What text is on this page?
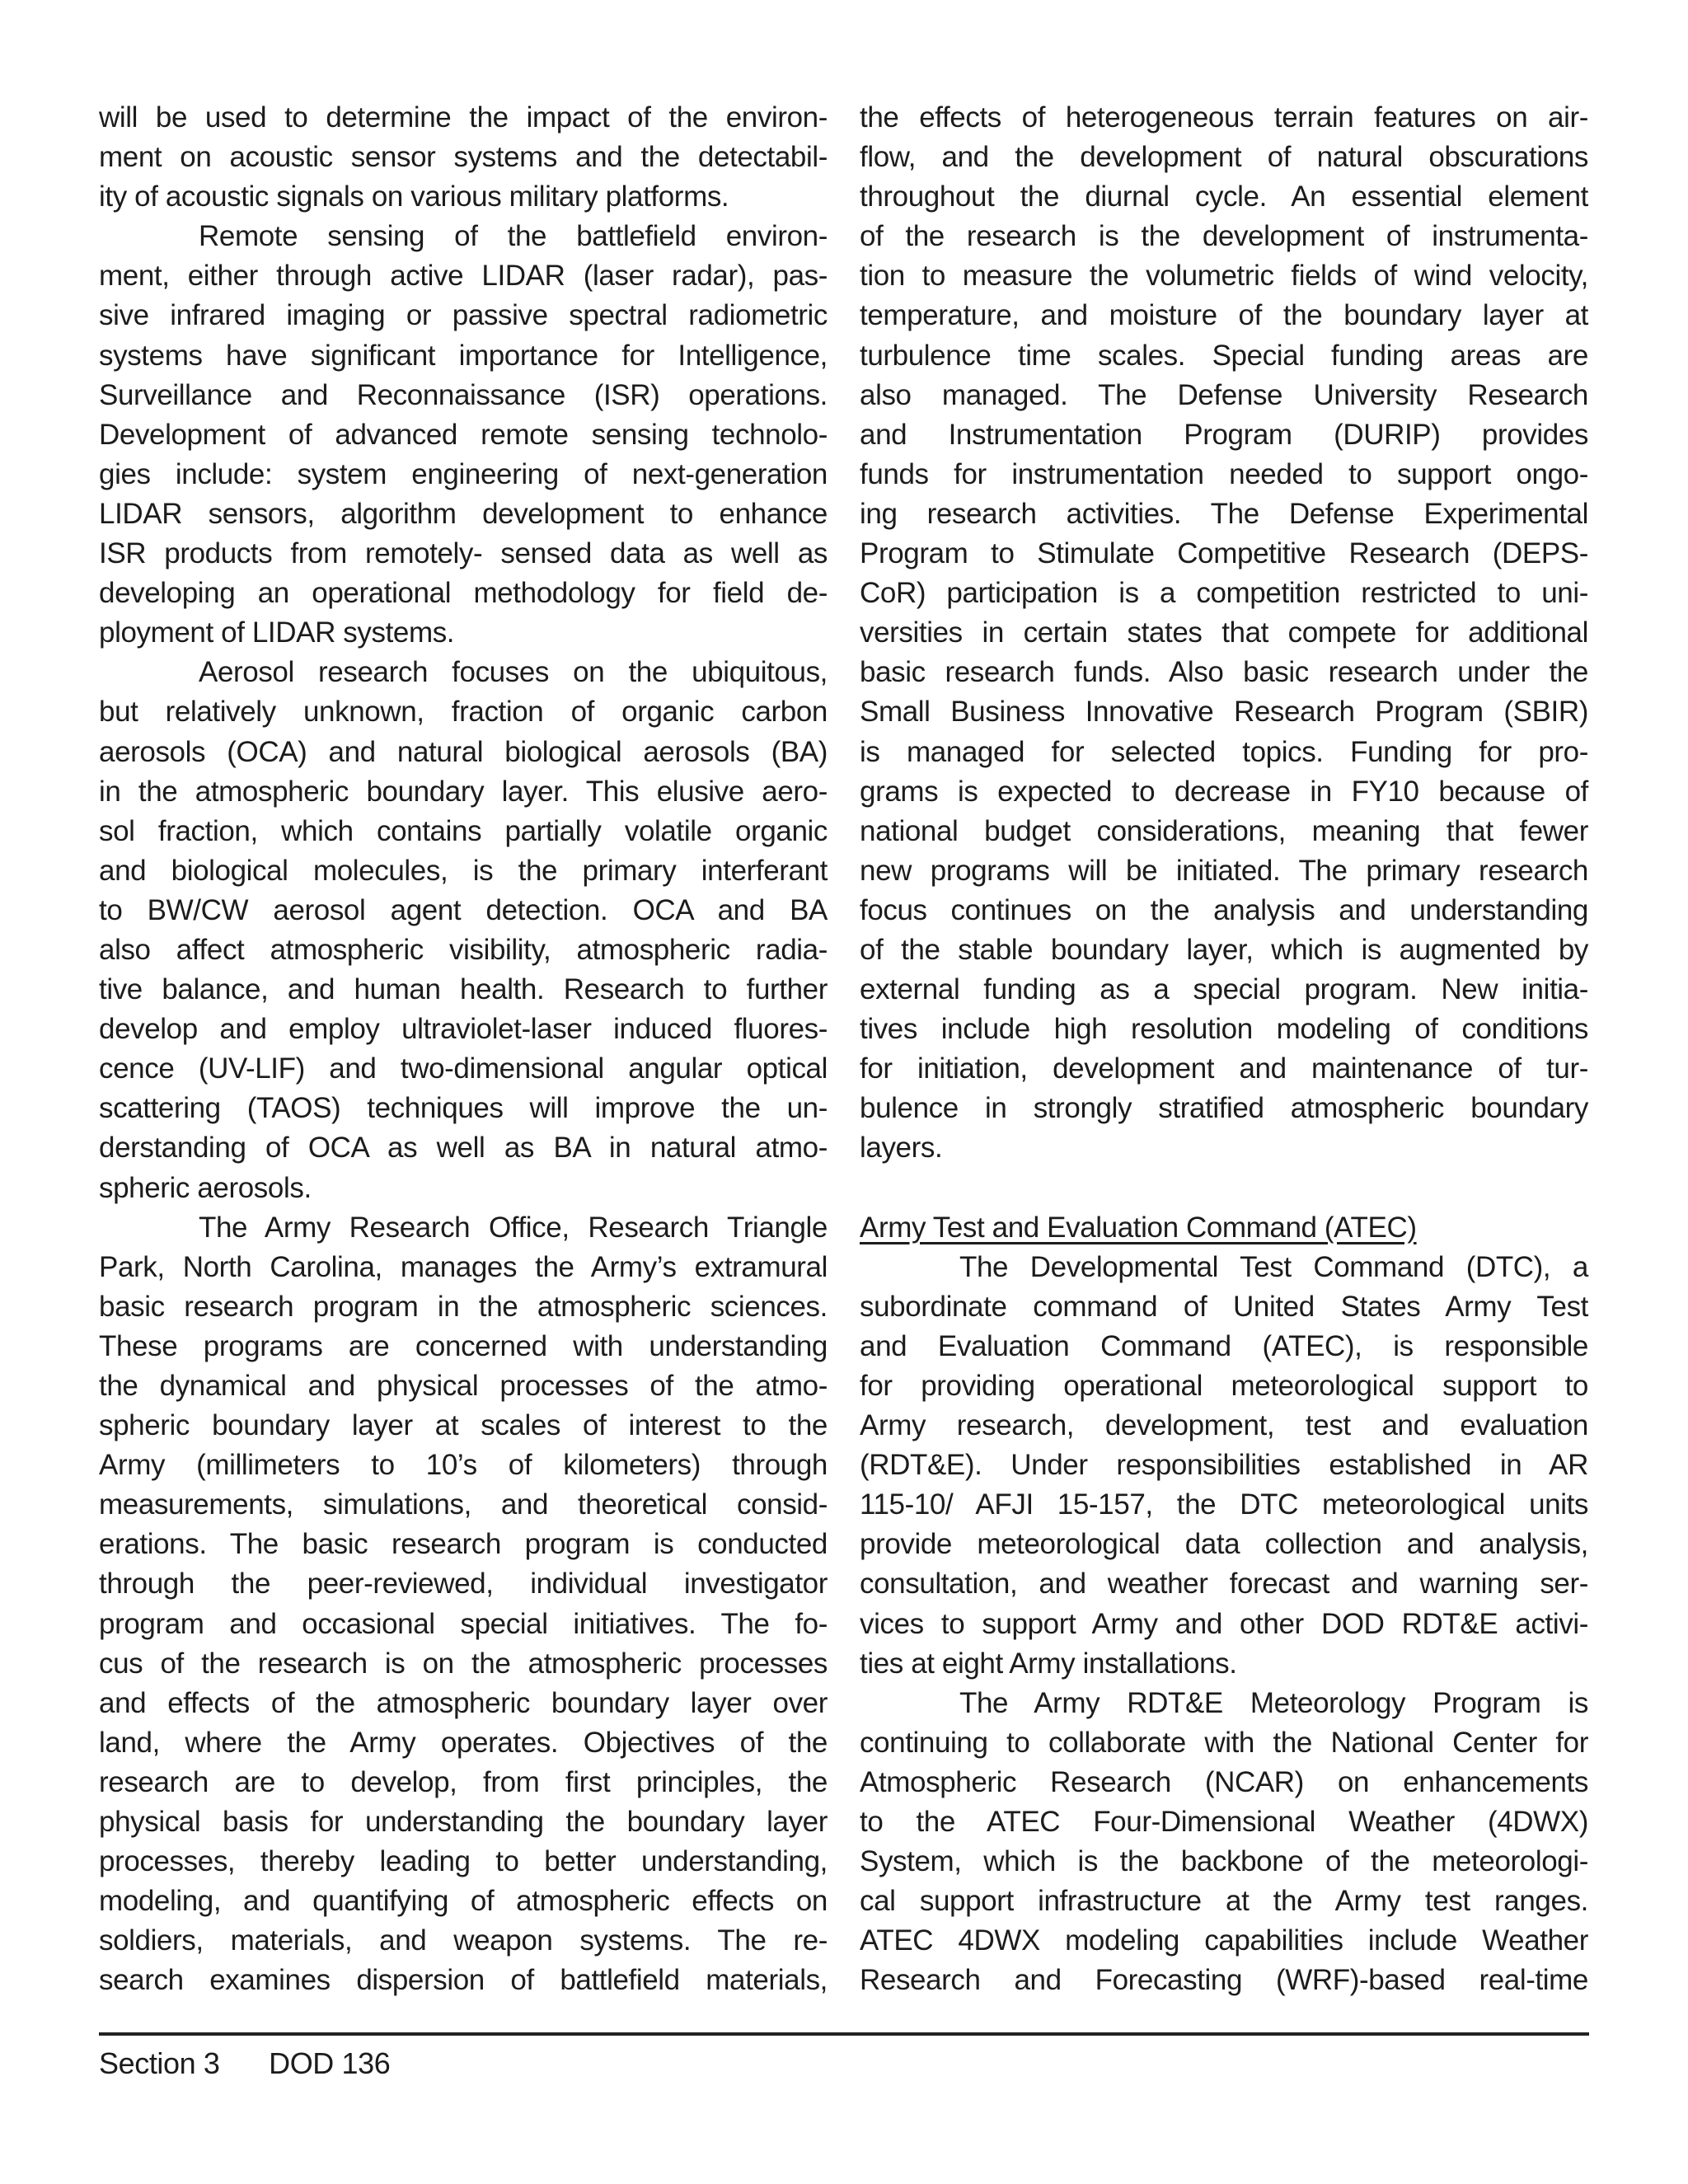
will be used to determine the impact of the environ-
ment on acoustic sensor systems and the detectabil-
ity of acoustic signals on various military platforms.
Remote sensing of the battlefield environ-
ment, either through active LIDAR (laser radar), pas-
sive infrared imaging or passive spectral radiometric
systems have significant importance for Intelligence,
Surveillance and Reconnaissance (ISR) operations.
Development of advanced remote sensing technolo-
gies include: system engineering of next-generation
LIDAR sensors, algorithm development to enhance
ISR products from remotely- sensed data as well as
developing an operational methodology for field de-
ployment of LIDAR systems.
Aerosol research focuses on the ubiquitous,
but relatively unknown, fraction of organic carbon
aerosols (OCA) and natural biological aerosols (BA)
in the atmospheric boundary layer. This elusive aero-
sol fraction, which contains partially volatile organic
and biological molecules, is the primary interferant
to BW/CW aerosol agent detection. OCA and BA
also affect atmospheric visibility, atmospheric radia-
tive balance, and human health. Research to further
develop and employ ultraviolet-laser induced fluores-
cence (UV-LIF) and two-dimensional angular optical
scattering (TAOS) techniques will improve the un-
derstanding of OCA as well as BA in natural atmo-
spheric aerosols.
The Army Research Office, Research Triangle
Park, North Carolina, manages the Army’s extramural
basic research program in the atmospheric sciences.
These programs are concerned with understanding
the dynamical and physical processes of the atmo-
spheric boundary layer at scales of interest to the
Army (millimeters to 10’s of kilometers) through
measurements, simulations, and theoretical consid-
erations. The basic research program is conducted
through the peer-reviewed, individual investigator
program and occasional special initiatives. The fo-
cus of the research is on the atmospheric processes
and effects of the atmospheric boundary layer over
land, where the Army operates. Objectives of the
research are to develop, from first principles, the
physical basis for understanding the boundary layer
processes, thereby leading to better understanding,
modeling, and quantifying of atmospheric effects on
soldiers, materials, and weapon systems. The re-
search examines dispersion of battlefield materials,
the effects of heterogeneous terrain features on air-
flow, and the development of natural obscurations
throughout the diurnal cycle. An essential element
of the research is the development of instrumenta-
tion to measure the volumetric fields of wind velocity,
temperature, and moisture of the boundary layer at
turbulence time scales. Special funding areas are
also managed. The Defense University Research
and Instrumentation Program (DURIP) provides
funds for instrumentation needed to support ongo-
ing research activities. The Defense Experimental
Program to Stimulate Competitive Research (DEPS-
CoR) participation is a competition restricted to uni-
versities in certain states that compete for additional
basic research funds. Also basic research under the
Small Business Innovative Research Program (SBIR)
is managed for selected topics. Funding for pro-
grams is expected to decrease in FY10 because of
national budget considerations, meaning that fewer
new programs will be initiated. The primary research
focus continues on the analysis and understanding
of the stable boundary layer, which is augmented by
external funding as a special program. New initia-
tives include high resolution modeling of conditions
for initiation, development and maintenance of tur-
bulence in strongly stratified atmospheric boundary
layers.
Army Test and Evaluation Command (ATEC)
The Developmental Test Command (DTC), a
subordinate command of United States Army Test
and Evaluation Command (ATEC), is responsible
for providing operational meteorological support to
Army research, development, test and evaluation
(RDT&E). Under responsibilities established in AR
115-10/ AFJI 15-157, the DTC meteorological units
provide meteorological data collection and analysis,
consultation, and weather forecast and warning ser-
vices to support Army and other DOD RDT&E activi-
ties at eight Army installations.
The Army RDT&E Meteorology Program is
continuing to collaborate with the National Center for
Atmospheric Research (NCAR) on enhancements
to the ATEC Four-Dimensional Weather (4DWX)
System, which is the backbone of the meteorologi-
cal support infrastructure at the Army test ranges.
ATEC 4DWX modeling capabilities include Weather
Research and Forecasting (WRF)-based real-time
Section 3 DOD 136
